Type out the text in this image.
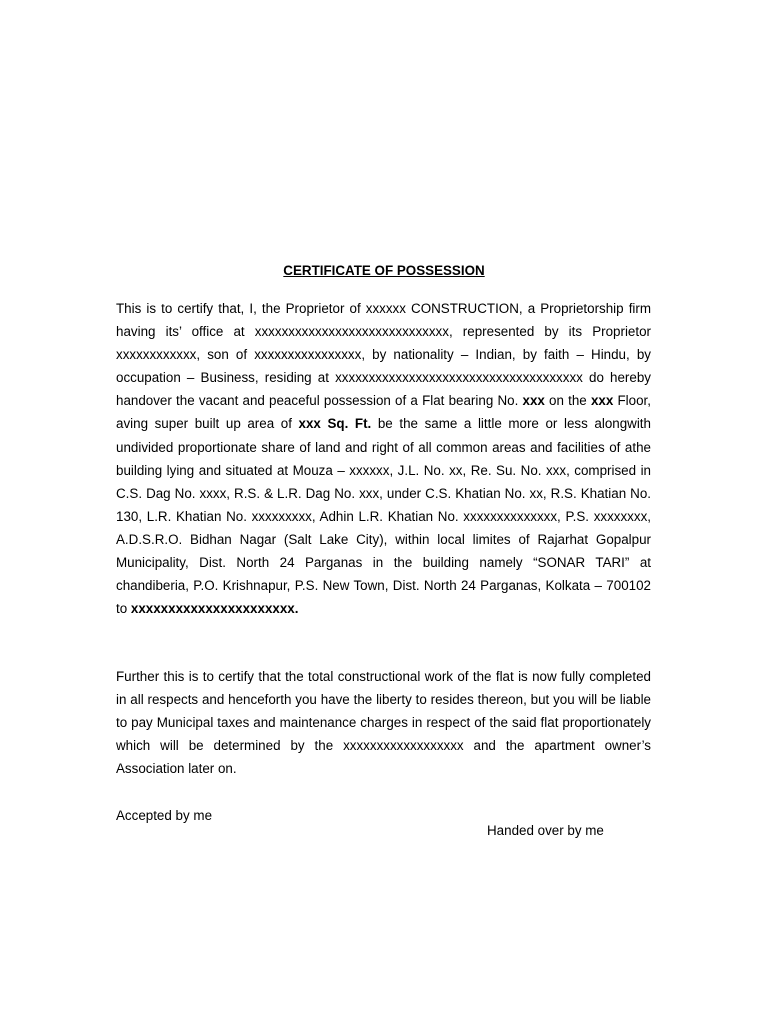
CERTIFICATE OF POSSESSION

This is to certify that, I, the Proprietor of xxxxxx CONSTRUCTION, a Proprietorship firm having its’ office at xxxxxxxxxxxxxxxxxxxxxxxxxxxxx, represented by its Proprietor xxxxxxxxxxxx, son of xxxxxxxxxxxxxxxx, by nationality – Indian, by faith – Hindu, by occupation – Business, residing at xxxxxxxxxxxxxxxxxxxxxxxxxxxxxxxxxxxxx do hereby handover the vacant and peaceful possession of a Flat bearing No. xxx on the xxx Floor, aving super built up area of xxx Sq. Ft. be the same a little more or less alongwith undivided proportionate share of land and right of all common areas and facilities of athe building lying and situated at Mouza – xxxxxx, J.L. No. xx, Re. Su. No. xxx, comprised in C.S. Dag No. xxxx, R.S. & L.R. Dag No. xxx, under C.S. Khatian No. xx, R.S. Khatian No. 130, L.R. Khatian No. xxxxxxxxx, Adhin L.R. Khatian No. xxxxxxxxxxxxxx, P.S. xxxxxxxx, A.D.S.R.O. Bidhan Nagar (Salt Lake City), within local limites of Rajarhat Gopalpur Municipality, Dist. North 24 Parganas in the building namely “SONAR TARI” at chandiberia, P.O. Krishnapur, P.S. New Town, Dist. North 24 Parganas, Kolkata – 700102 to xxxxxxxxxxxxxxxxxxxxxx.

Further this is to certify that the total constructional work of the flat is now fully completed in all respects and henceforth you have the liberty to resides thereon, but you will be liable to pay Municipal taxes and maintenance charges in respect of the said flat proportionately which will be determined by the xxxxxxxxxxxxxxxxxx and the apartment owner’s Association later on.

Accepted by me
Handed over by me
